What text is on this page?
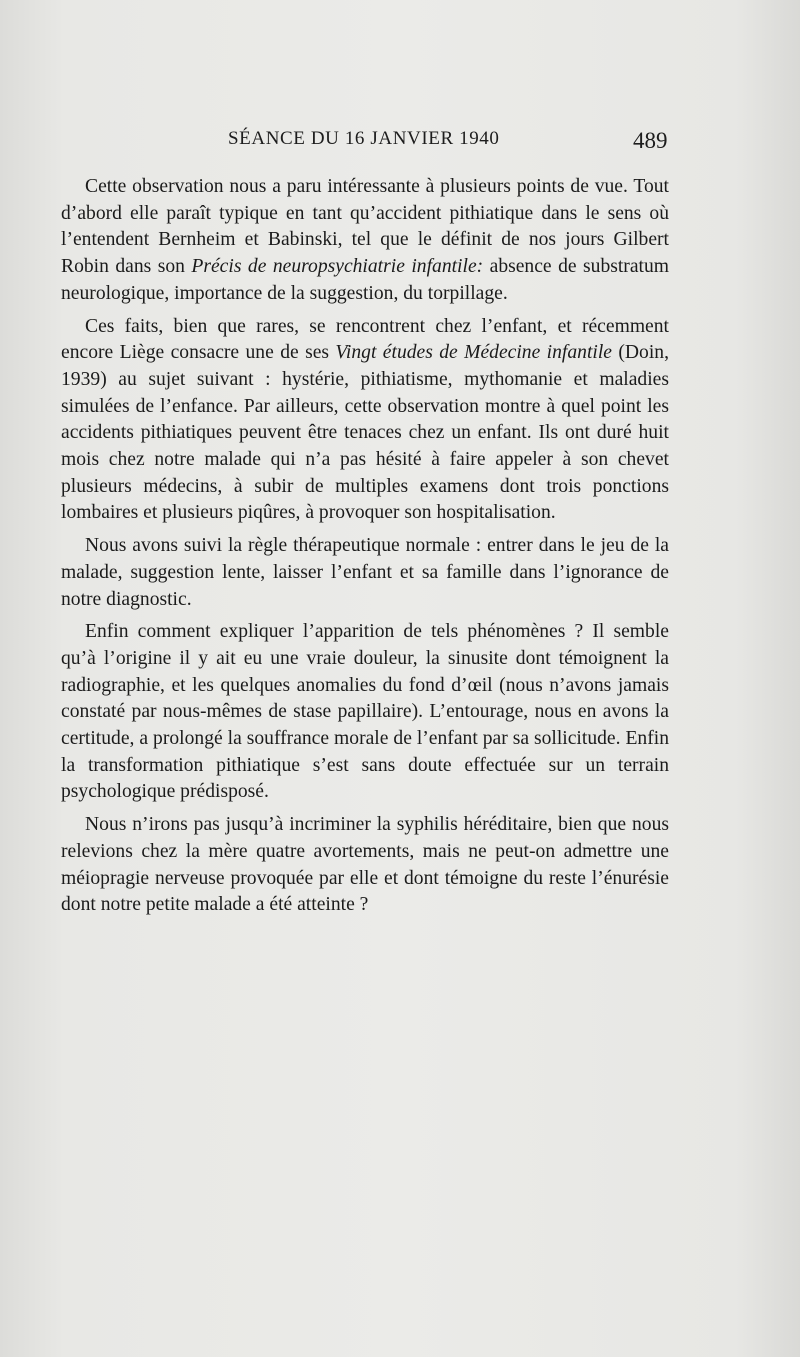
SÉANCE DU 16 JANVIER 1940	489

Cette observation nous a paru intéressante à plusieurs points de vue. Tout d’abord elle paraît typique en tant qu’accident pithiatique dans le sens où l’entendent Bernheim et Babinski, tel que le définit de nos jours Gilbert Robin dans son Précis de neuropsychiatrie infantile: absence de substratum neurologique, importance de la suggestion, du torpillage.

Ces faits, bien que rares, se rencontrent chez l’enfant, et récemment encore Liège consacre une de ses Vingt études de Médecine infantile (Doin, 1939) au sujet suivant : hystérie, pithiatisme, mythomanie et maladies simulées de l’enfance. Par ailleurs, cette observation montre à quel point les accidents pithiatiques peuvent être tenaces chez un enfant. Ils ont duré huit mois chez notre malade qui n’a pas hésité à faire appeler à son chevet plusieurs médecins, à subir de multiples examens dont trois ponctions lombaires et plusieurs piqûres, à provoquer son hospitalisation.

Nous avons suivi la règle thérapeutique normale : entrer dans le jeu de la malade, suggestion lente, laisser l’enfant et sa famille dans l’ignorance de notre diagnostic.

Enfin comment expliquer l’apparition de tels phénomènes ? Il semble qu’à l’origine il y ait eu une vraie douleur, la sinusite dont témoignent la radiographie, et les quelques anomalies du fond d’œil (nous n’avons jamais constaté par nous-mêmes de stase papillaire). L’entourage, nous en avons la certitude, a prolongé la souffrance morale de l’enfant par sa sollicitude. Enfin la transformation pithiatique s’est sans doute effectuée sur un terrain psychologique prédisposé.

Nous n’irons pas jusqu’à incriminer la syphilis héréditaire, bien que nous relevions chez la mère quatre avortements, mais ne peut-on admettre une méiopragie nerveuse provoquée par elle et dont témoigne du reste l’énurésie dont notre petite malade a été atteinte ?
